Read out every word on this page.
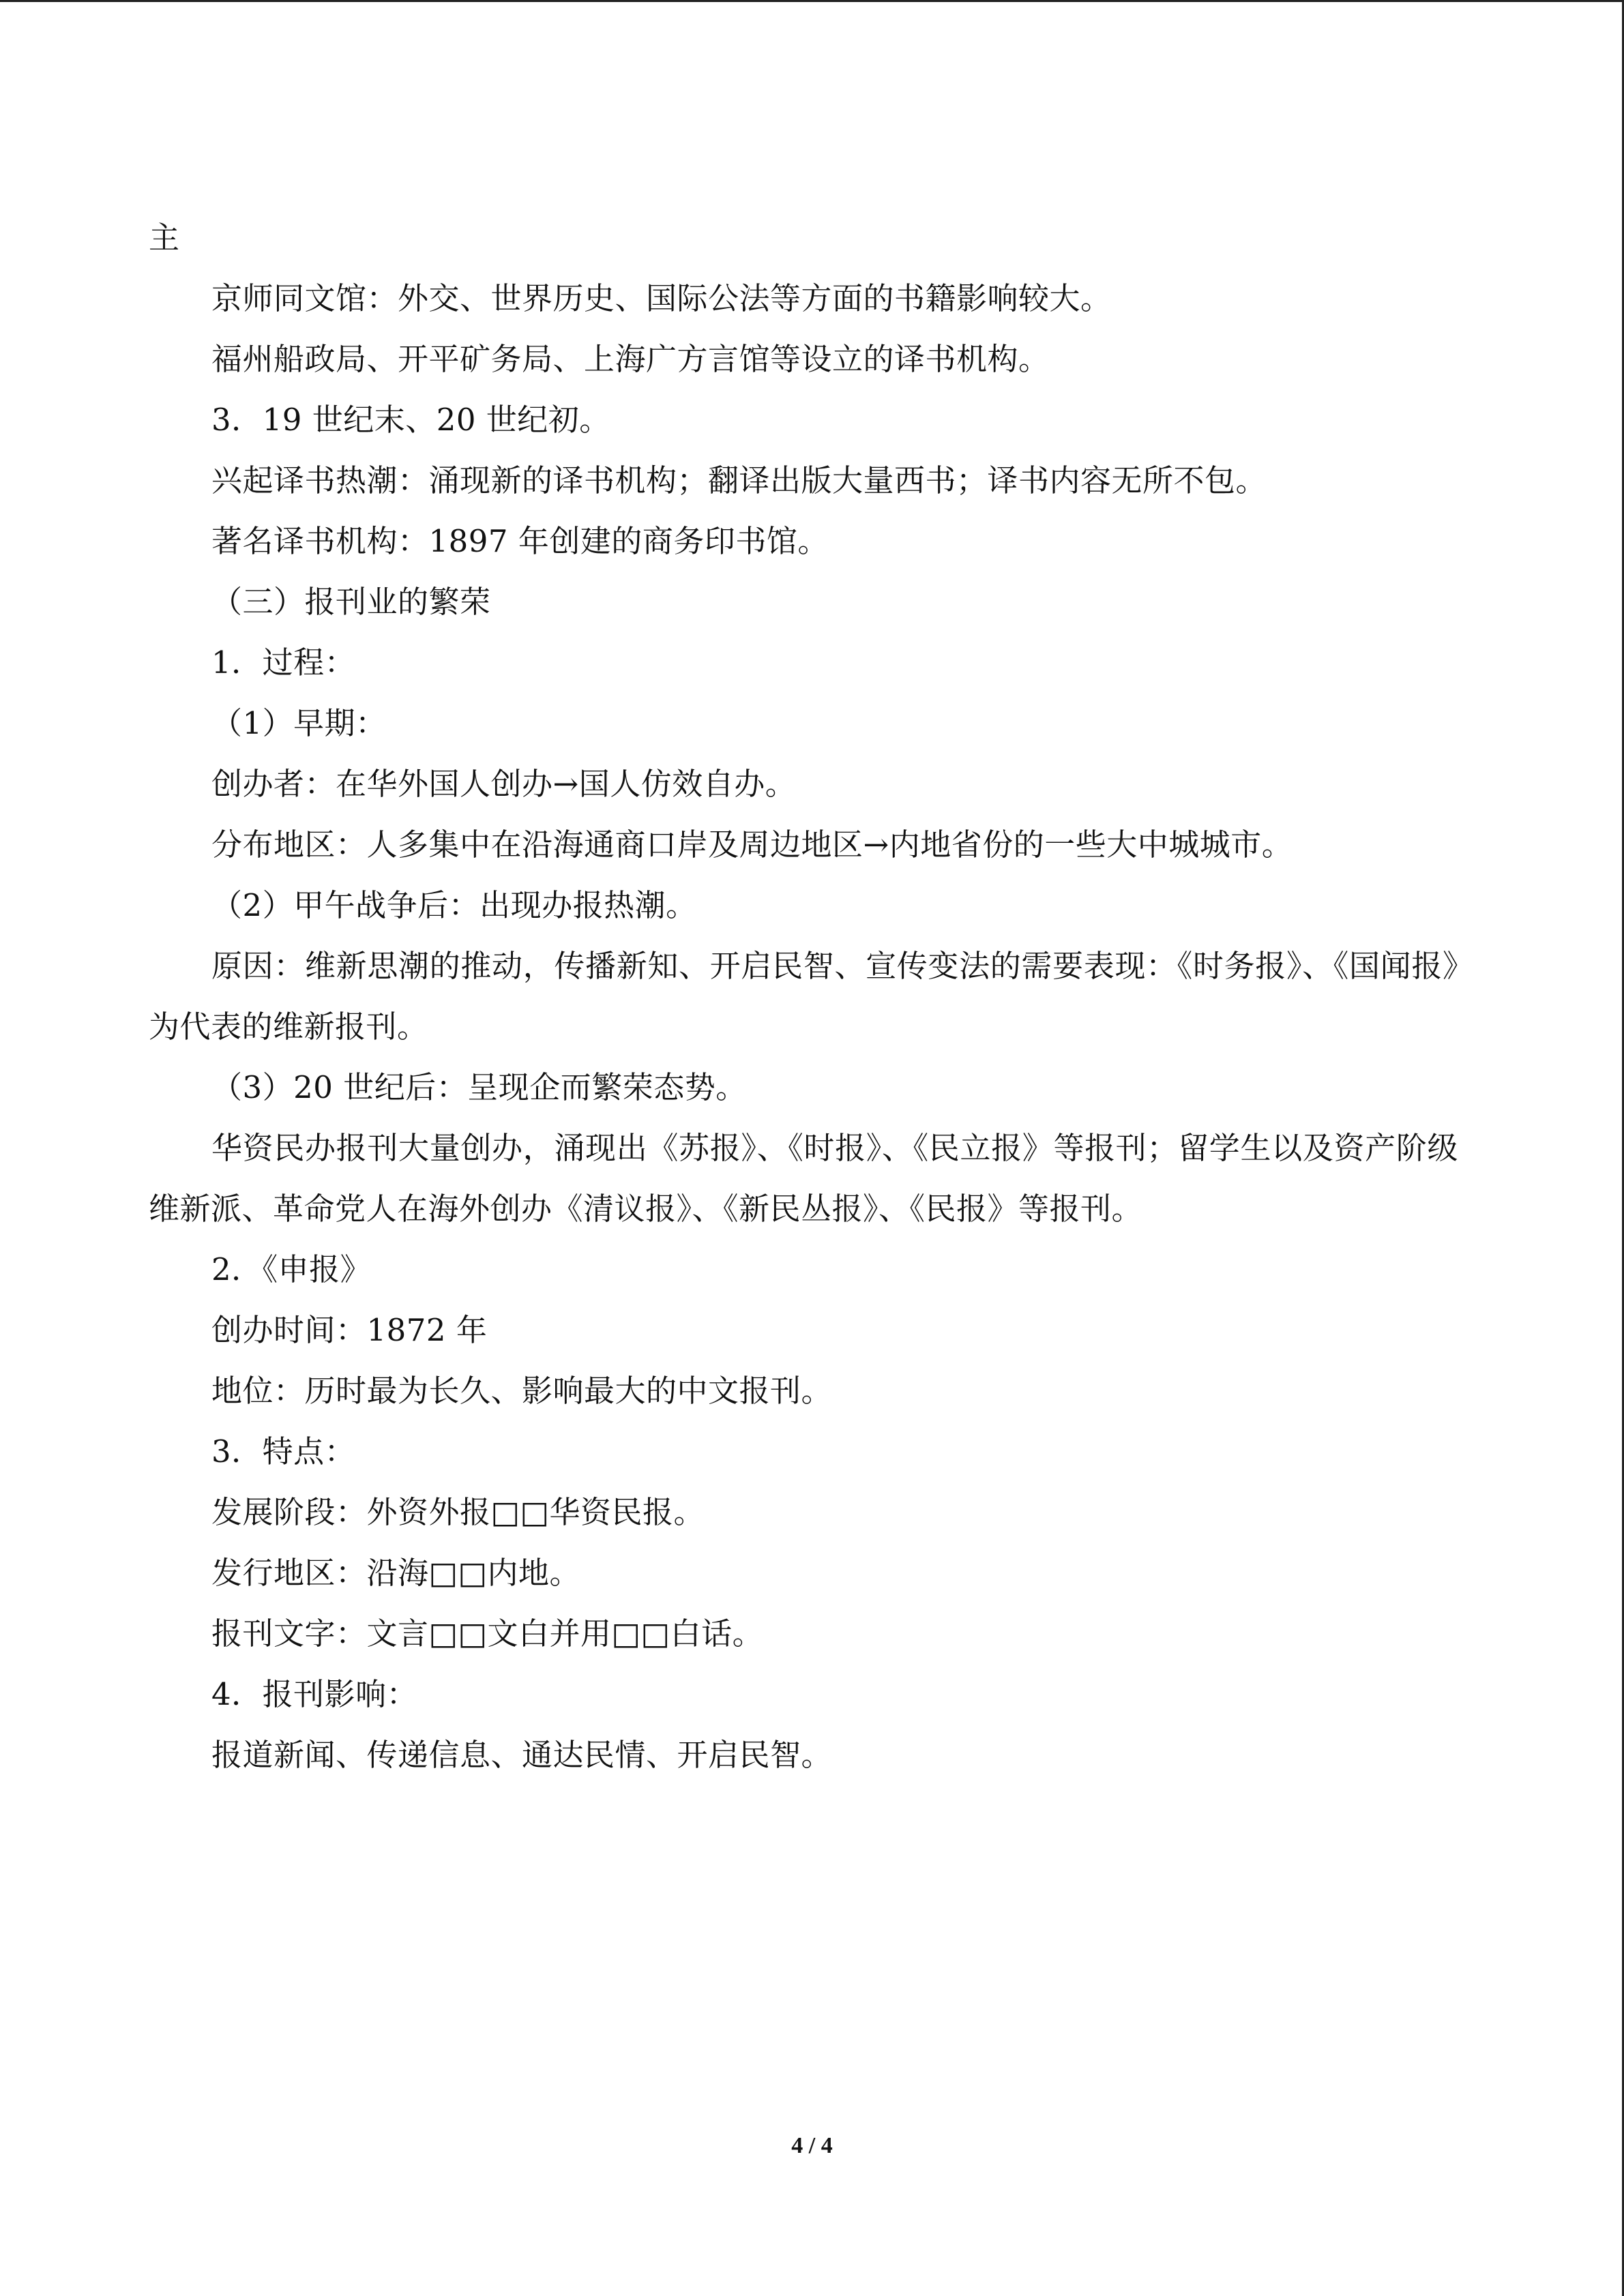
主
京师同文馆：外交、世界历史、国际公法等方面的书籍影响较大。
福州船政局、开平矿务局、上海广方言馆等设立的译书机构。
3．19 世纪末、20 世纪初。
兴起译书热潮：涌现新的译书机构；翻译出版大量西书；译书内容无所不包。
著名译书机构：1897 年创建的商务印书馆。
（三）报刊业的繁荣
1．过程：
（1）早期：
创办者：在华外国人创办→国人仿效自办。
分布地区：人多集中在沿海通商口岸及周边地区→内地省份的一些大中城城市。
（2）甲午战争后：出现办报热潮。
原因：维新思潮的推动，传播新知、开启民智、宣传变法的需要表现：《时务报》、《国闻报》为代表的维新报刊。
（3）20 世纪后：呈现企而繁荣态势。
华资民办报刊大量创办，涌现出《苏报》、《时报》、《民立报》等报刊；留学生以及资产阶级维新派、革命党人在海外创办《清议报》、《新民丛报》、《民报》等报刊。
2．《申报》
创办时间：1872 年
地位：历时最为长久、影响最大的中文报刊。
3．特点：
发展阶段：外资外报□□华资民报。
发行地区：沿海□□内地。
报刊文字：文言□□文白并用□□白话。
4．报刊影响：
报道新闻、传递信息、通达民情、开启民智。
4 / 4
